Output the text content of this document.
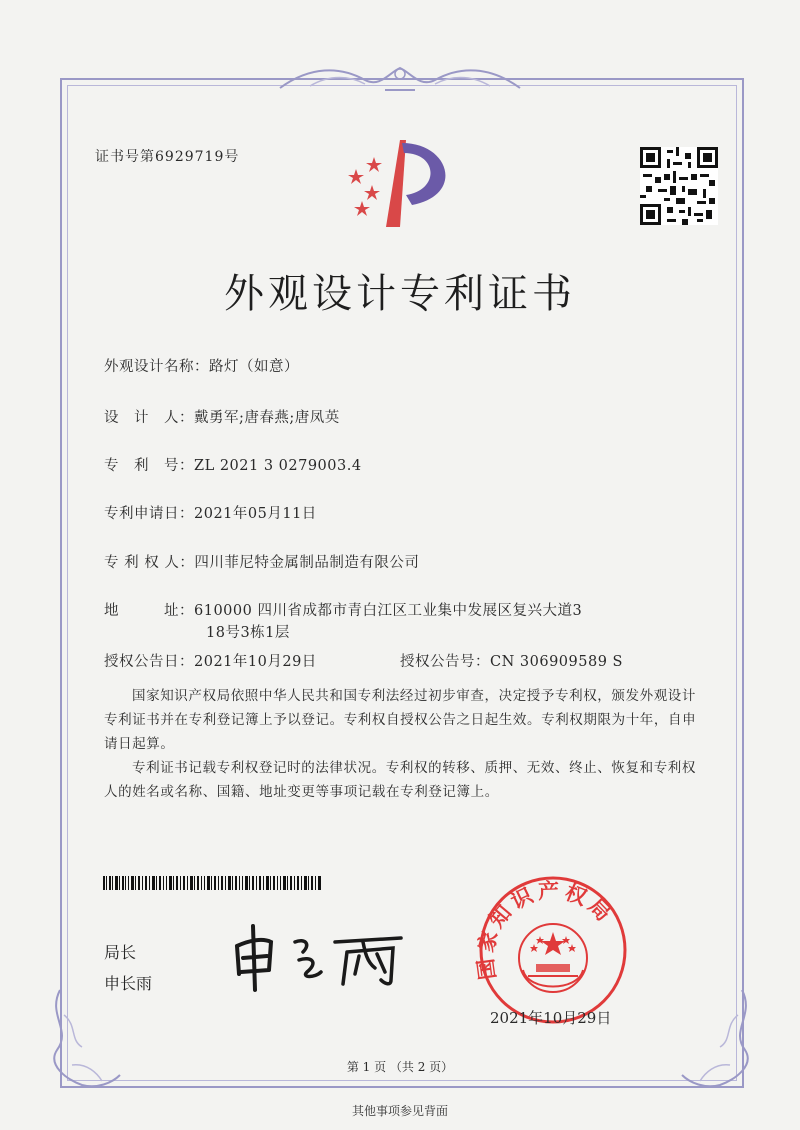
证书号第6929719号
外观设计专利证书
外观设计名称：路灯（如意）
设　计　人：戴勇军;唐春燕;唐凤英
专　利　号：ZL 2021 3 0279003.4
专利申请日：2021年05月11日
专 利 权 人：四川菲尼特金属制品制造有限公司
地　　　址：610000 四川省成都市青白江区工业集中发展区复兴大道3
18号3栋1层
授权公告日：2021年10月29日	授权公告号：CN 306909589 S
国家知识产权局依照中华人民共和国专利法经过初步审查，决定授予专利权，颁发外观设计专利证书并在专利登记簿上予以登记。专利权自授权公告之日起生效。专利权期限为十年，自申请日起算。
专利证书记载专利权登记时的法律状况。专利权的转移、质押、无效、终止、恢复和专利权人的姓名或名称、国籍、地址变更等事项记载在专利登记簿上。
局长
申长雨
国家知识产权局
2021年10月29日
第 1 页 （共 2 页）
其他事项参见背面
